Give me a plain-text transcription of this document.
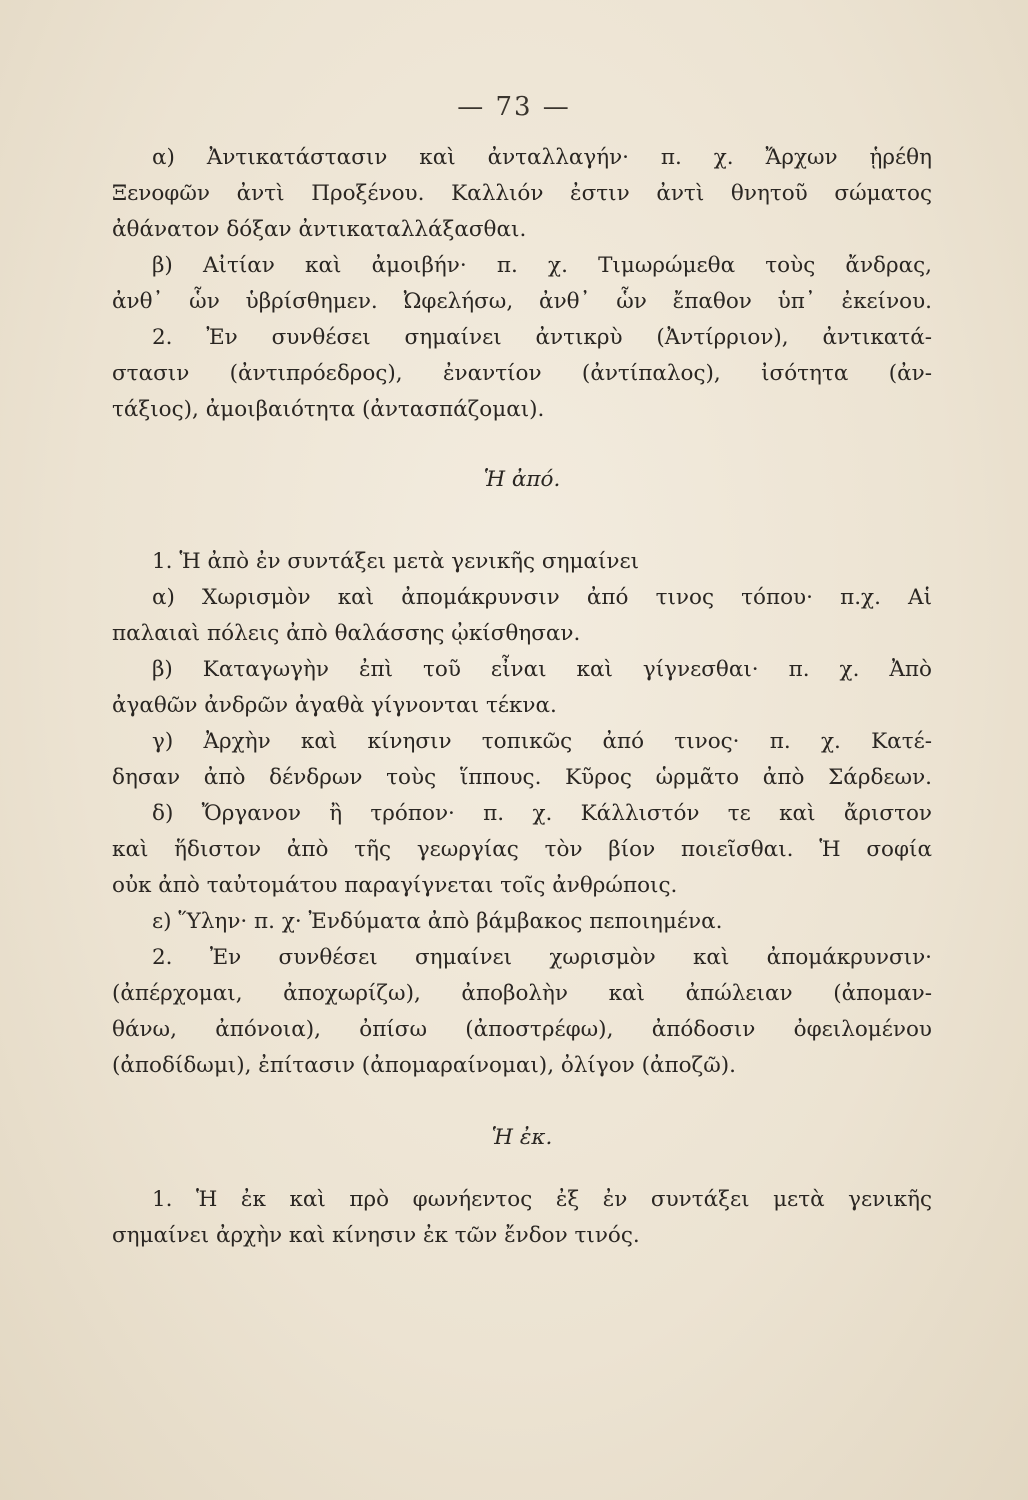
— 73 —
α) Ἀντικατάστασιν καὶ ἀνταλλαγήν· π. χ. Ἄρχων ᾑρέθη
Ξενοφῶν ἀντὶ Προξένου. Καλλιόν ἐστιν ἀντὶ θνητοῦ σώματος
ἀθάνατον δόξαν ἀντικαταλλάξασθαι.
β) Αἰτίαν καὶ ἀμοιβήν· π. χ. Τιμωρώμεθα τοὺς ἄνδρας,
ἀνθ᾽ ὧν ὑβρίσθημεν. Ὠφελήσω, ἀνθ᾽ ὧν ἔπαθον ὑπ᾽ ἐκείνου.
2. Ἐν συνθέσει σημαίνει ἀντικρὺ (Ἀντίρριον), ἀντικατά-
στασιν (ἀντιπρόεδρος), ἐναντίον (ἀντίπαλος), ἰσότητα (ἀν-
τάξιος), ἀμοιβαιότητα (ἀντασπάζομαι).
Ἡ ἀπό.
1. Ἡ ἀπὸ ἐν συντάξει μετὰ γενικῆς σημαίνει
α) Χωρισμὸν καὶ ἀπομάκρυνσιν ἀπό τινος τόπου· π.χ. Αἱ
παλαιαὶ πόλεις ἀπὸ θαλάσσης ᾠκίσθησαν.
β) Καταγωγὴν ἐπὶ τοῦ εἶναι καὶ γίγνεσθαι· π. χ. Ἀπὸ
ἀγαθῶν ἀνδρῶν ἀγαθὰ γίγνονται τέκνα.
γ) Ἀρχὴν καὶ κίνησιν τοπικῶς ἀπό τινος· π. χ. Κατέ-
δησαν ἀπὸ δένδρων τοὺς ἵππους. Κῦρος ὡρμᾶτο ἀπὸ Σάρδεων.
δ) Ὄργανον ἢ τρόπον· π. χ. Κάλλιστόν τε καὶ ἄριστον
καὶ ἥδιστον ἀπὸ τῆς γεωργίας τὸν βίον ποιεῖσθαι. Ἡ σοφία
οὐκ ἀπὸ ταὐτομάτου παραγίγνεται τοῖς ἀνθρώποις.
ε) Ὕλην· π. χ· Ἐνδύματα ἀπὸ βάμβακος πεποιημένα.
2. Ἐν συνθέσει σημαίνει χωρισμὸν καὶ ἀπομάκρυνσιν·
(ἀπέρχομαι, ἀποχωρίζω), ἀποβολὴν καὶ ἀπώλειαν (ἀπομαν-
θάνω, ἀπόνοια), ὀπίσω (ἀποστρέφω), ἀπόδοσιν ὀφειλομένου
(ἀποδίδωμι), ἐπίτασιν (ἀπομαραίνομαι), ὀλίγον (ἀποζῶ).
Ἡ ἐκ.
1. Ἡ ἐκ καὶ πρὸ φωνήεντος ἐξ ἐν συντάξει μετὰ γενικῆς
σημαίνει ἀρχὴν καὶ κίνησιν ἐκ τῶν ἔνδον τινός.
